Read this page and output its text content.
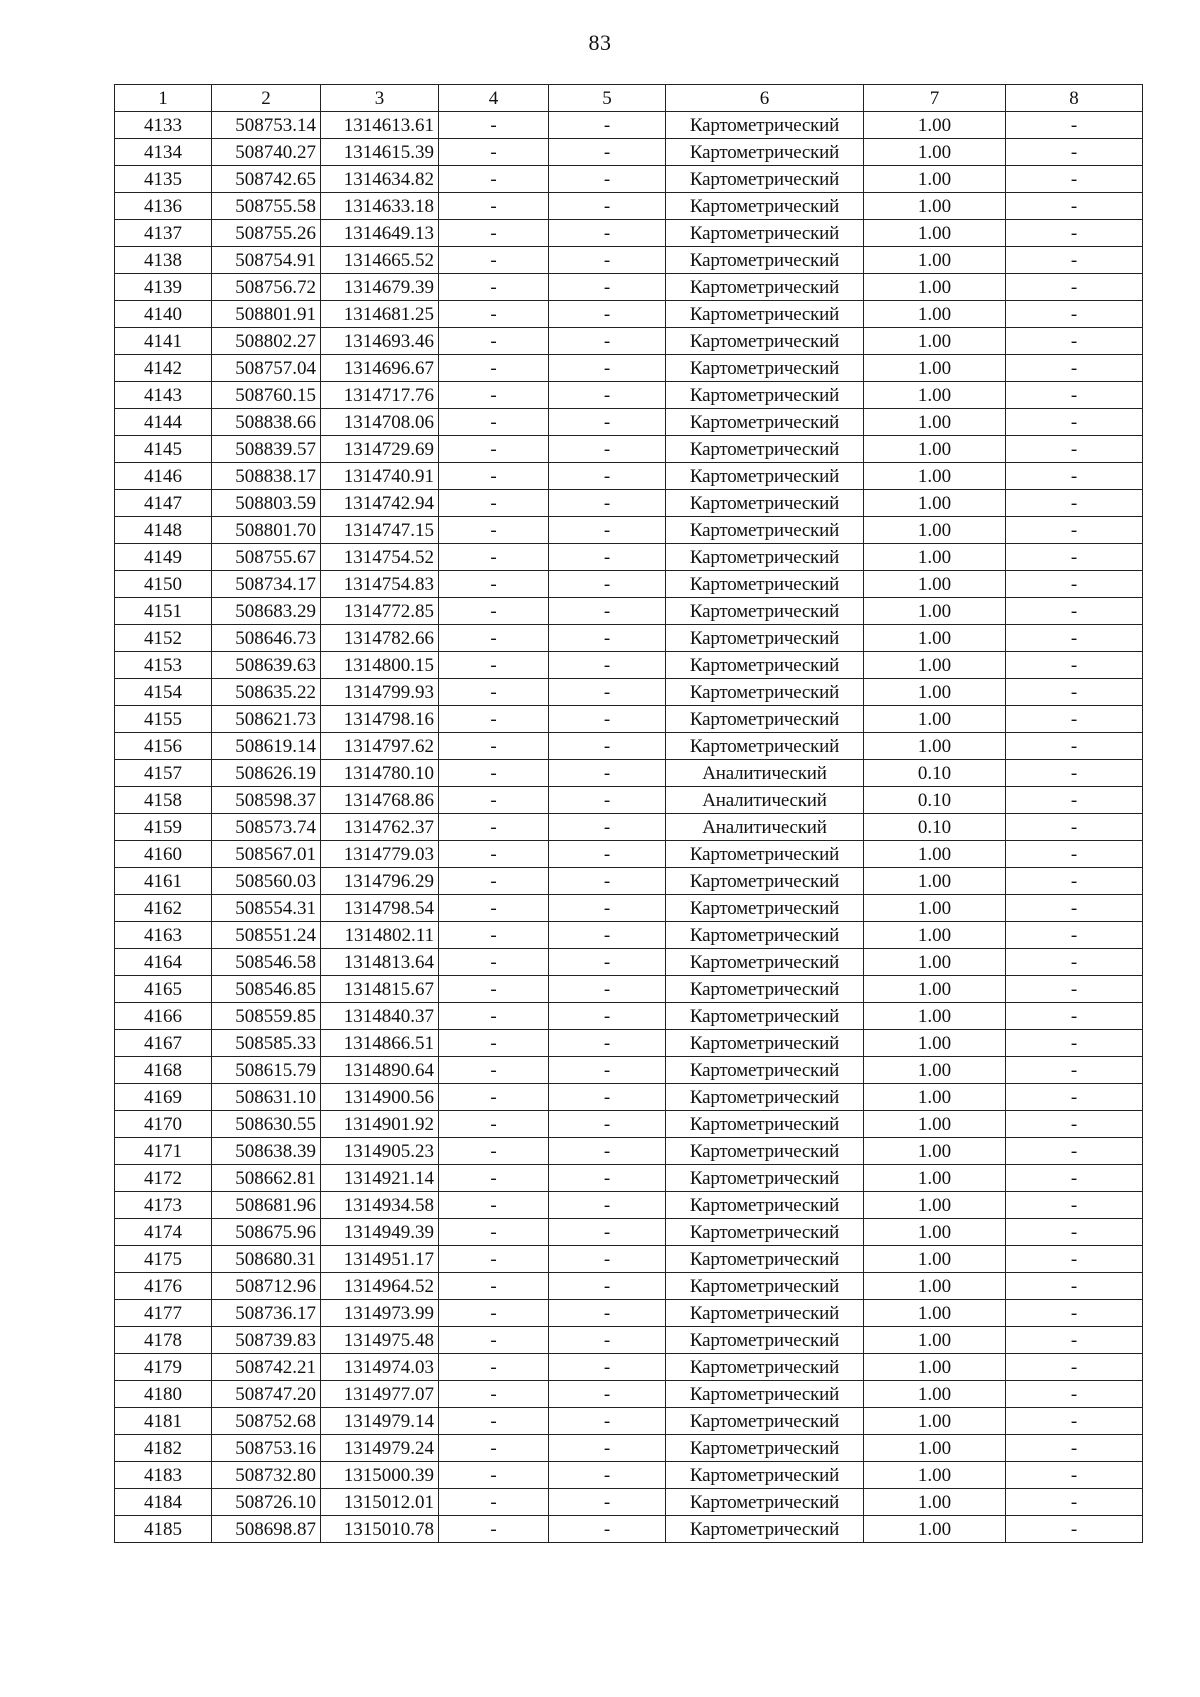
83
1	2	3	4	5	6	7	8
4133	508753.14	1314613.61	-	-	Картометрический	1.00	-
4134	508740.27	1314615.39	-	-	Картометрический	1.00	-
4135	508742.65	1314634.82	-	-	Картометрический	1.00	-
4136	508755.58	1314633.18	-	-	Картометрический	1.00	-
4137	508755.26	1314649.13	-	-	Картометрический	1.00	-
4138	508754.91	1314665.52	-	-	Картометрический	1.00	-
4139	508756.72	1314679.39	-	-	Картометрический	1.00	-
4140	508801.91	1314681.25	-	-	Картометрический	1.00	-
4141	508802.27	1314693.46	-	-	Картометрический	1.00	-
4142	508757.04	1314696.67	-	-	Картометрический	1.00	-
4143	508760.15	1314717.76	-	-	Картометрический	1.00	-
4144	508838.66	1314708.06	-	-	Картометрический	1.00	-
4145	508839.57	1314729.69	-	-	Картометрический	1.00	-
4146	508838.17	1314740.91	-	-	Картометрический	1.00	-
4147	508803.59	1314742.94	-	-	Картометрический	1.00	-
4148	508801.70	1314747.15	-	-	Картометрический	1.00	-
4149	508755.67	1314754.52	-	-	Картометрический	1.00	-
4150	508734.17	1314754.83	-	-	Картометрический	1.00	-
4151	508683.29	1314772.85	-	-	Картометрический	1.00	-
4152	508646.73	1314782.66	-	-	Картометрический	1.00	-
4153	508639.63	1314800.15	-	-	Картометрический	1.00	-
4154	508635.22	1314799.93	-	-	Картометрический	1.00	-
4155	508621.73	1314798.16	-	-	Картометрический	1.00	-
4156	508619.14	1314797.62	-	-	Картометрический	1.00	-
4157	508626.19	1314780.10	-	-	Аналитический	0.10	-
4158	508598.37	1314768.86	-	-	Аналитический	0.10	-
4159	508573.74	1314762.37	-	-	Аналитический	0.10	-
4160	508567.01	1314779.03	-	-	Картометрический	1.00	-
4161	508560.03	1314796.29	-	-	Картометрический	1.00	-
4162	508554.31	1314798.54	-	-	Картометрический	1.00	-
4163	508551.24	1314802.11	-	-	Картометрический	1.00	-
4164	508546.58	1314813.64	-	-	Картометрический	1.00	-
4165	508546.85	1314815.67	-	-	Картометрический	1.00	-
4166	508559.85	1314840.37	-	-	Картометрический	1.00	-
4167	508585.33	1314866.51	-	-	Картометрический	1.00	-
4168	508615.79	1314890.64	-	-	Картометрический	1.00	-
4169	508631.10	1314900.56	-	-	Картометрический	1.00	-
4170	508630.55	1314901.92	-	-	Картометрический	1.00	-
4171	508638.39	1314905.23	-	-	Картометрический	1.00	-
4172	508662.81	1314921.14	-	-	Картометрический	1.00	-
4173	508681.96	1314934.58	-	-	Картометрический	1.00	-
4174	508675.96	1314949.39	-	-	Картометрический	1.00	-
4175	508680.31	1314951.17	-	-	Картометрический	1.00	-
4176	508712.96	1314964.52	-	-	Картометрический	1.00	-
4177	508736.17	1314973.99	-	-	Картометрический	1.00	-
4178	508739.83	1314975.48	-	-	Картометрический	1.00	-
4179	508742.21	1314974.03	-	-	Картометрический	1.00	-
4180	508747.20	1314977.07	-	-	Картометрический	1.00	-
4181	508752.68	1314979.14	-	-	Картометрический	1.00	-
4182	508753.16	1314979.24	-	-	Картометрический	1.00	-
4183	508732.80	1315000.39	-	-	Картометрический	1.00	-
4184	508726.10	1315012.01	-	-	Картометрический	1.00	-
4185	508698.87	1315010.78	-	-	Картометрический	1.00	-
